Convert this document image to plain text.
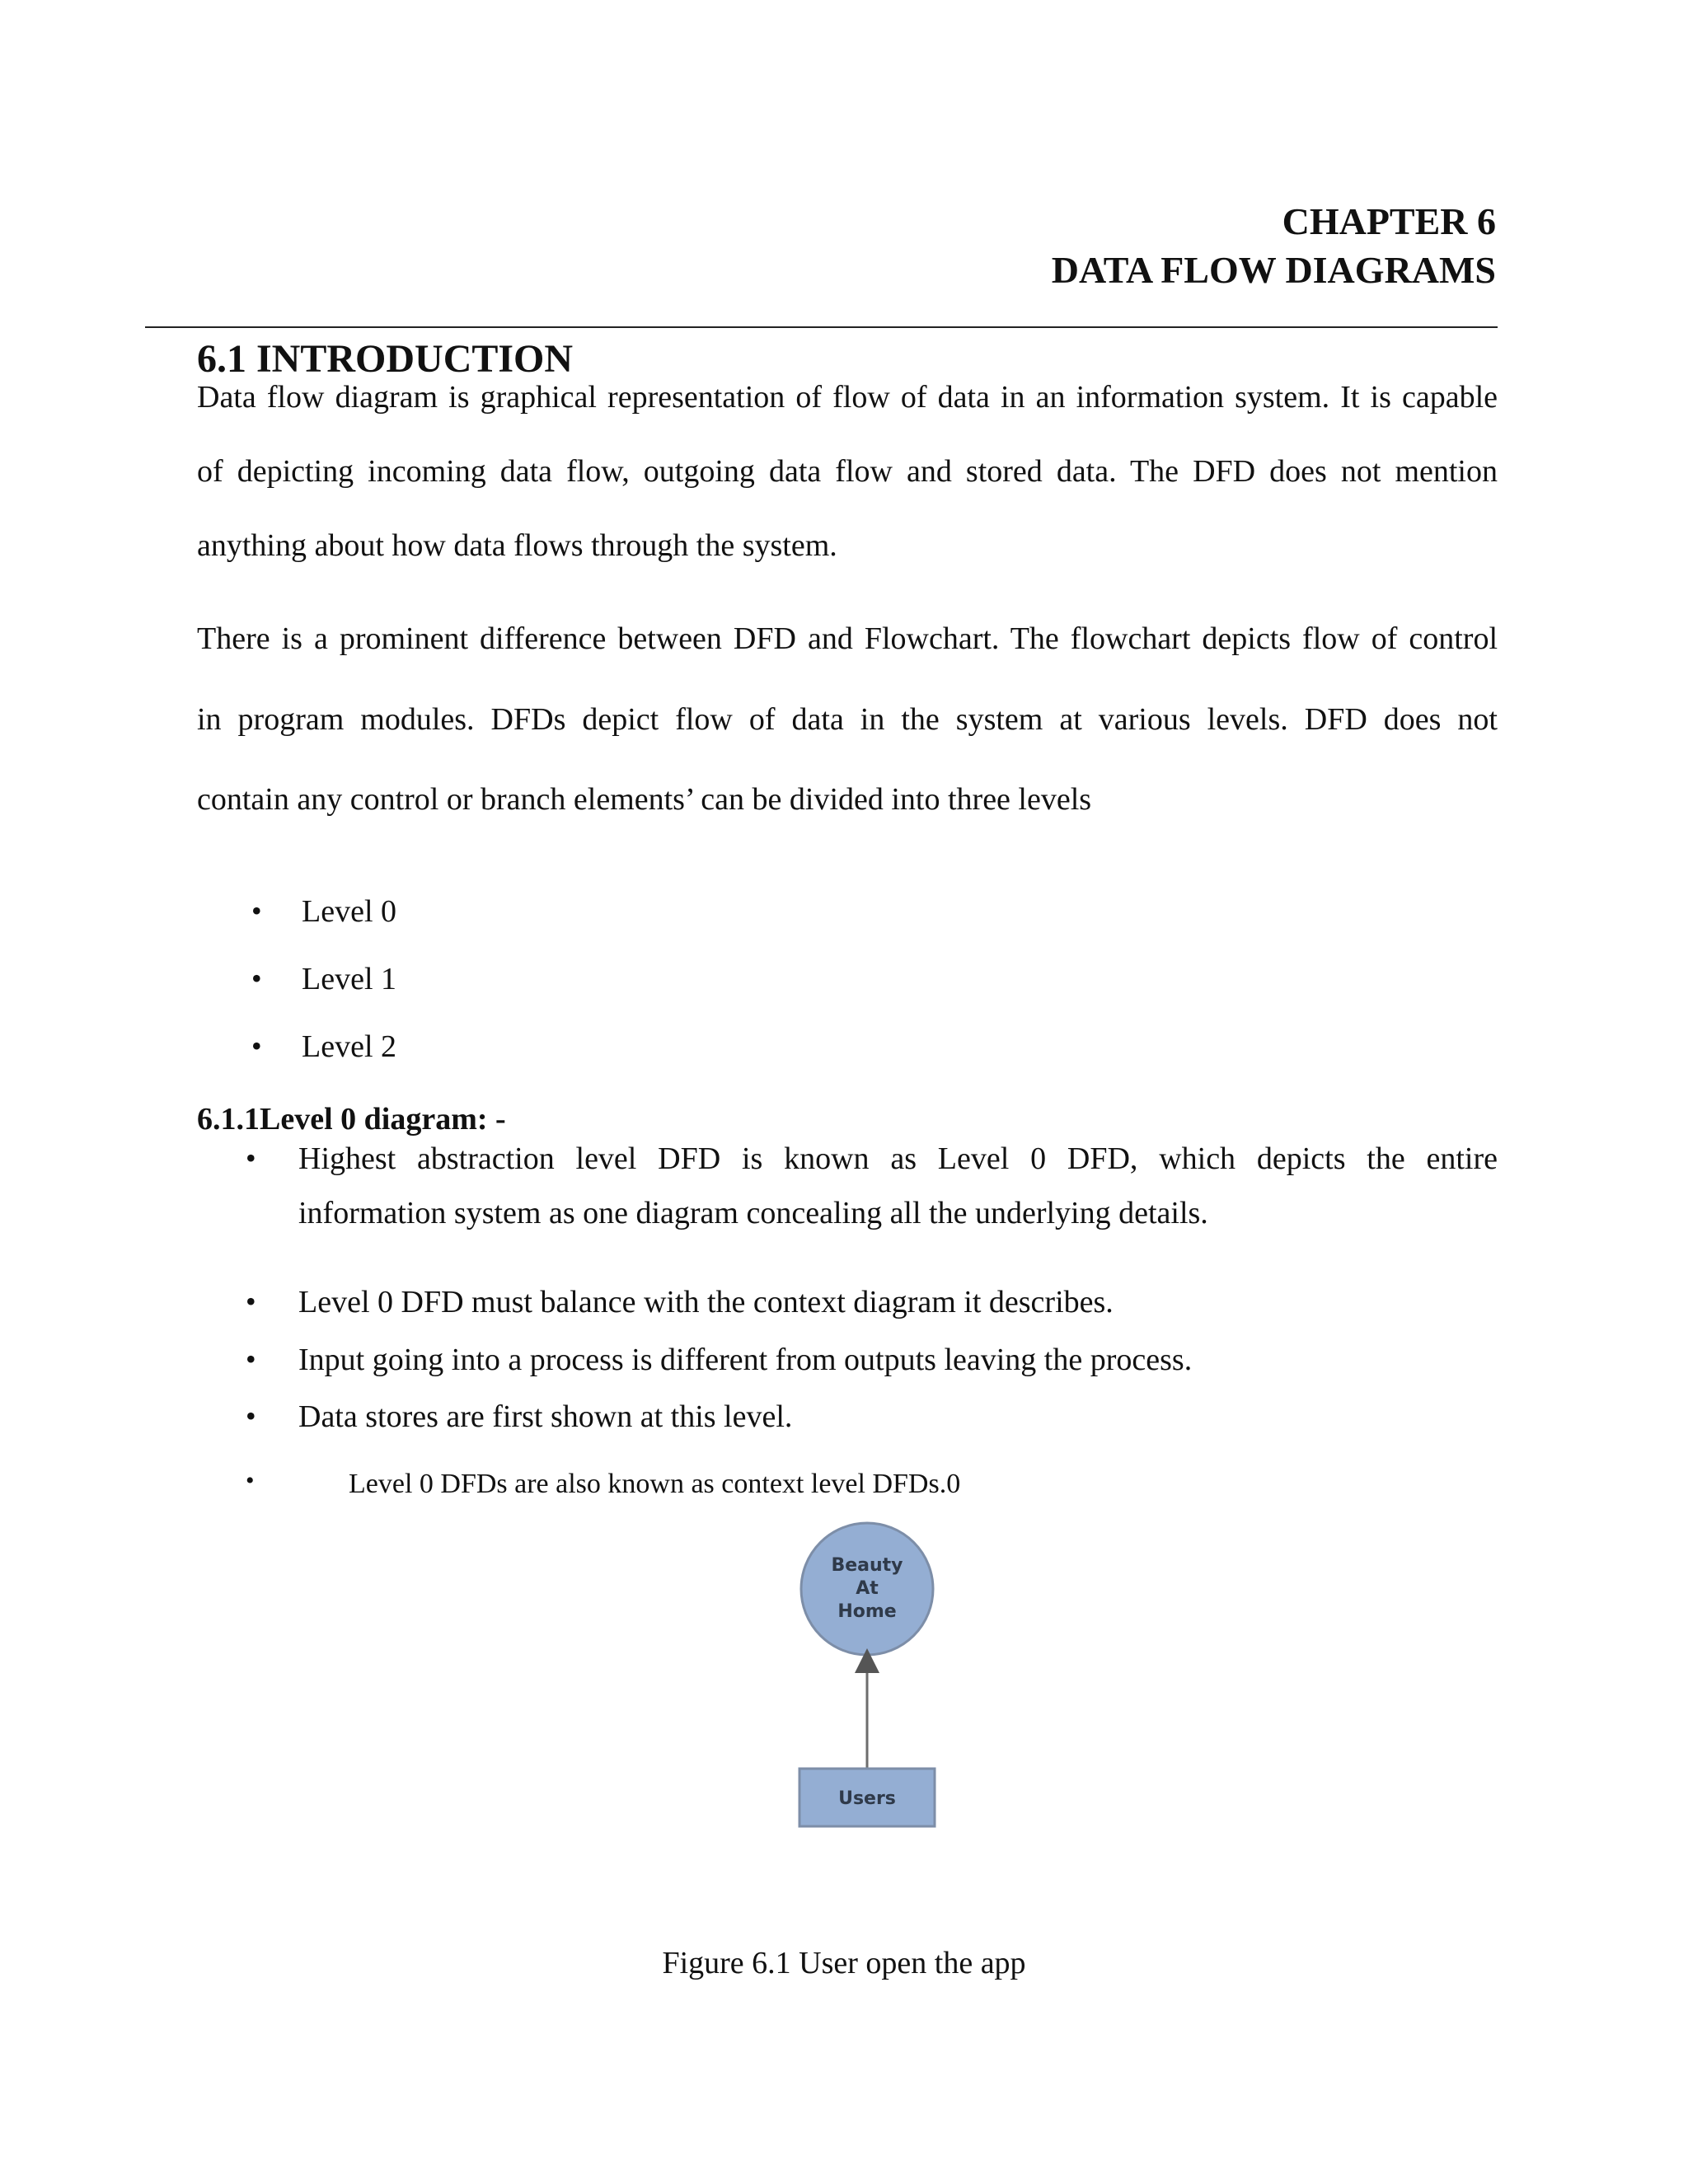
CHAPTER 6
DATA FLOW DIAGRAMS
6.1 INTRODUCTION
Data flow diagram is graphical representation of flow of data in an information system. It is capable
of depicting incoming data flow, outgoing data flow and stored data. The DFD does not mention
anything about how data flows through the system.
There is a prominent difference between DFD and Flowchart. The flowchart depicts flow of control
in program modules. DFDs depict flow of data in the system at various levels. DFD does not
contain any control or branch elements’ can be divided into three levels
• Level 0
• Level 1
• Level 2
6.1.1Level 0 diagram: -
• Highest abstraction level DFD is known as Level 0 DFD, which depicts the entire
information system as one diagram concealing all the underlying details.
• Level 0 DFD must balance with the context diagram it describes.
• Input going into a process is different from outputs leaving the process.
• Data stores are first shown at this level.
•	Level 0 DFDs are also known as context level DFDs.0
Beauty
At
Home
Users
Figure 6.1 User open the app
